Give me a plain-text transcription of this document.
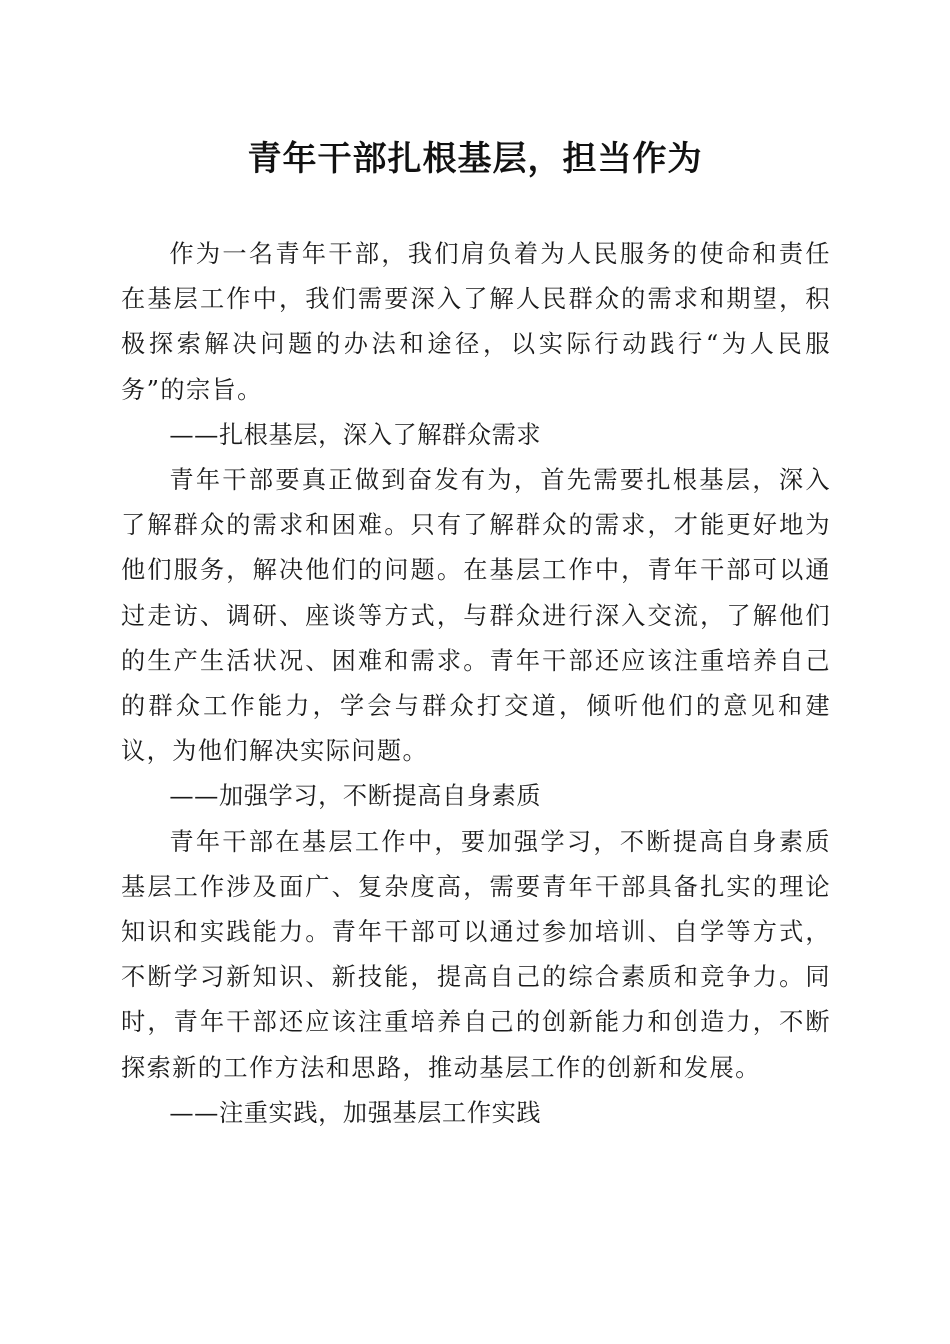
青年干部扎根基层，担当作为

作为一名青年干部，我们肩负着为人民服务的使命和责任在基层工作中，我们需要深入了解人民群众的需求和期望，积极探索解决问题的办法和途径，以实际行动践行“为人民服务”的宗旨。

——扎根基层，深入了解群众需求

青年干部要真正做到奋发有为，首先需要扎根基层，深入了解群众的需求和困难。只有了解群众的需求，才能更好地为他们服务，解决他们的问题。在基层工作中，青年干部可以通过走访、调研、座谈等方式，与群众进行深入交流，了解他们的生产生活状况、困难和需求。青年干部还应该注重培养自己的群众工作能力，学会与群众打交道，倾听他们的意见和建议，为他们解决实际问题。

——加强学习，不断提高自身素质

青年干部在基层工作中，要加强学习，不断提高自身素质基层工作涉及面广、复杂度高，需要青年干部具备扎实的理论知识和实践能力。青年干部可以通过参加培训、自学等方式，不断学习新知识、新技能，提高自己的综合素质和竞争力。同时，青年干部还应该注重培养自己的创新能力和创造力，不断探索新的工作方法和思路，推动基层工作的创新和发展。

——注重实践，加强基层工作实践
